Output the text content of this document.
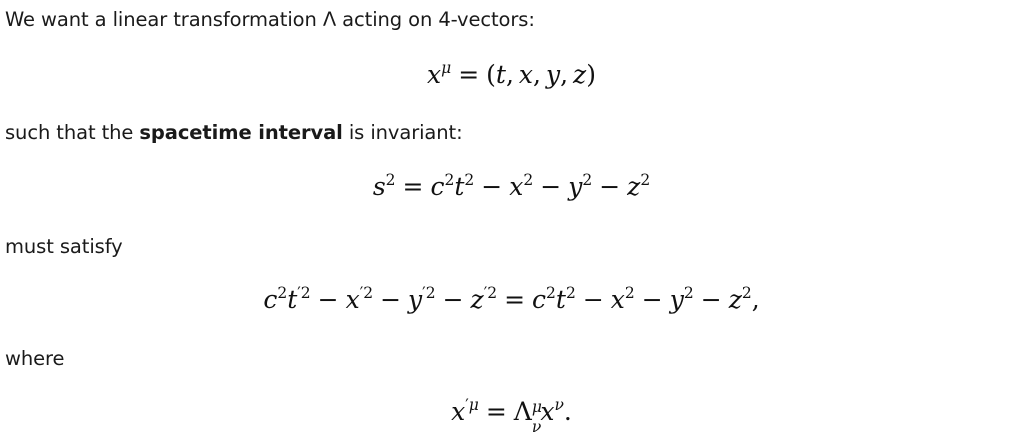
We want a linear transformation Λ acting on 4-vectors:
$x^\mu = (t$, x, y, z)
such that the spacetime interval is invariant:
$s^2 = c^2t^2 - x^2 - y^2 - z^2$
must satisfy
$c^2t^{'2} - x^{'2} - y^{'2} - z^{'2} = c^2t^2 - x^2 - y^2 - z^2$,
where
$x^{'\mu} = \Lambda$ μ
ν
$x^\nu$.
